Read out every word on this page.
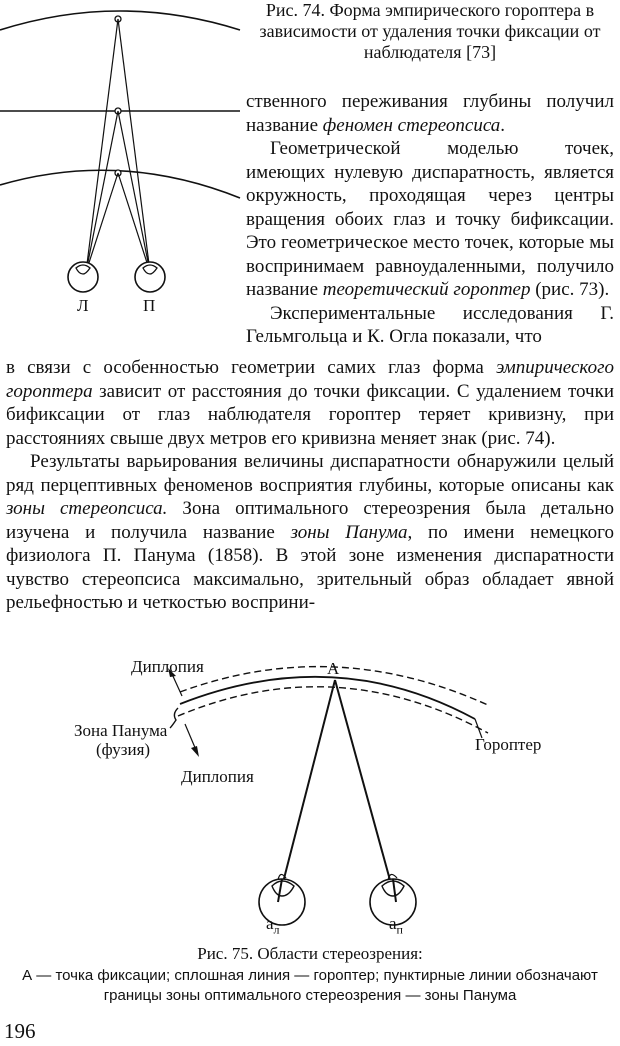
Л	П
Рис. 74. Форма эмпирического гороптера в зависимости от удаления точки фиксации от наблюдателя [73]

ственного переживания глубины получил название феномен стереопсиса.

Геометрической моделью точек, имеющих нулевую диспаратность, является окружность, проходящая через центры вращения обоих глаз и точку бификсации. Это геометрическое место точек, которые мы воспринимаем равноудаленными, получило название теоретический гороптер (рис. 73).

Экспериментальные исследования Г. Гельмгольца и К. Огла показали, что

в связи с особенностью геометрии самих глаз форма эмпирического гороптера зависит от расстояния до точки фиксации. С удалением точки бификсации от глаз наблюдателя гороптер теряет кривизну, при расстояниях свыше двух метров его кривизна меняет знак (рис. 74).

Результаты варьирования величины диспаратности обнаружили целый ряд перцептивных феноменов восприятия глубины, которые описаны как зоны стереопсиса. Зона оптимального стереозрения была детально изучена и получила название зоны Панума, по имени немецкого физиолога П. Панума (1858). В этой зоне изменения диспаратности чувство стереопсиса максимально, зрительный образ обладает явной рельефностью и четкостью восприни-

Диплопия	А
Зона Панума
(фузия)
Диплопия
Гороптер
$а_л$	$а_п$
Рис. 75. Области стереозрения:
А — точка фиксации; сплошная линия — гороптер; пунктирные линии обозначают границы зоны оптимального стереозрения — зоны Панума
196
